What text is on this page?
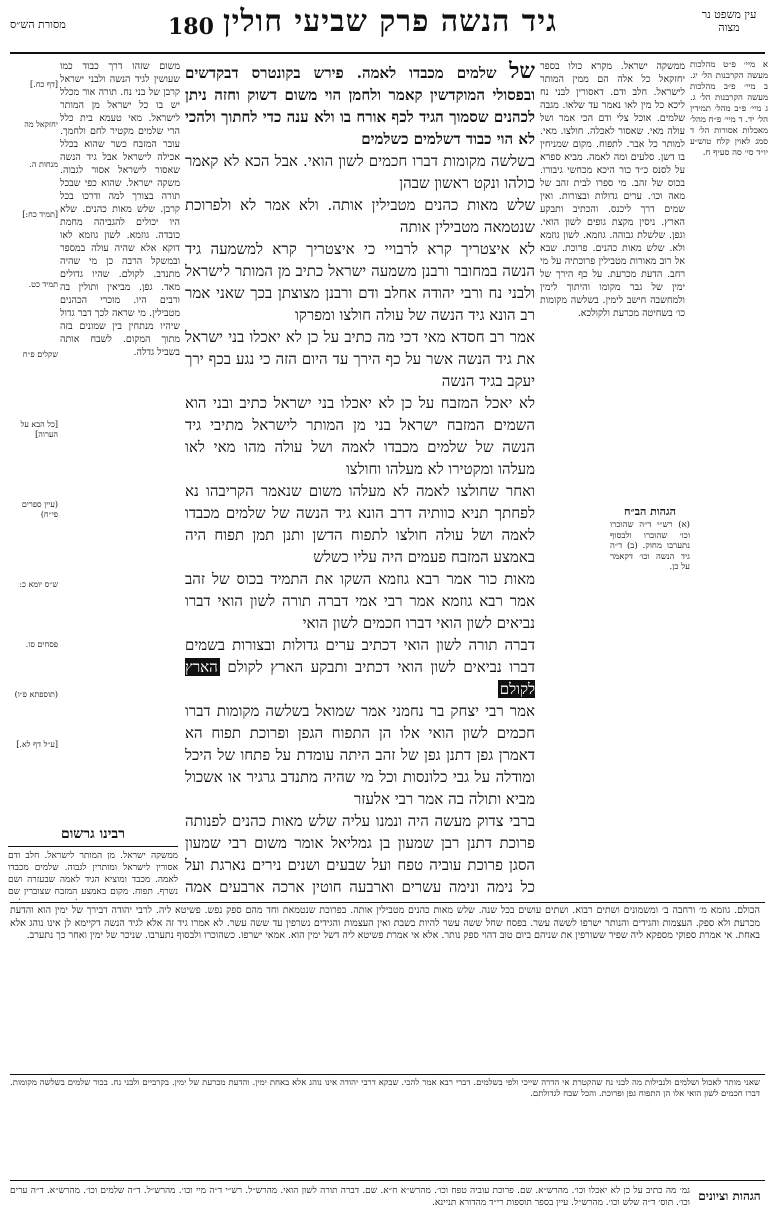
עין משפט נר מצוה
180 גיד הנשה פרק שביעי חולין
מסורת הש״ס
א מיי׳ פ״ט מהלכות מעשה הקרבנות הל׳ יג. ב מיי׳ פ״ב מהלכות מעשה הקרבנות הל׳ ג. ג מיי׳ פ״ב מהל׳ תמידין הל׳ יד. ד מיי׳ פ״ח מהל׳ מאכלות אסורות הל׳ ד סמג לאוין קלח טוש״ע יו״ד סי׳ סה סעיף ח.
הגהות הב״ח
(א) רש״י ד״ה שהוכרו וכו׳ שהוכרו ולבסוף נתערבו מחוק. (ב) ד״ה גיד הנשה וכו׳ דקאמר על כן.
ממשקה ישראל. מקרא כולו בספר יחזקאל כל אלה הם ממין המותר לישראל. חלב ודם. דאסורין לבני נח ליכא כל מין לאו נאמר עד שלאו. מגבה שלמים. אוכל צלי ודם הכי אמר ושל עולה מאי. שאסור לאכלה. חולצו. מאי. למותר כל אבר. לתפוח. מקום שמניחין בו דשן. סלעים ומה לאמה. מביא ספרא על לסנס כ״ד כור היכא מכחשי גיבורו. בכוס של זהב. מי ספרו לבית זהב של מאה וכו׳. ערים גדולות ובצורות. ואין שמים דרך ליכנס. והכתיב ותבקע הארץ. ניסין מקצת גופים לשון הואי. וגפן. שלשלת גבוהה. גוזמא. לשון גוזמא ולא. שלש מאות כהנים. פרוכת. שבא אל רוב מאורות מטבילין פרוכתיה על מי רחב. הדעת מכרעת. על כף הירך של ימין של גבר מקומו והיתוך לימין ולמחשבה חישב לימין. בשלשה מקומות כו׳ בשחיטה מכרעת ולקולכא.
של שלמים מכבדו לאמה. פירש בקונטרס דבקדשים ובפסולי המוקדשין קאמר ולחמן הוי משום דשוק וחזה ניתן לכהנים שסמוך הגיד לכף אורח בו ולא ענה כדי לחתוך ולהכי לא הוי כבוד דשלמים כשלמים

בשלשה מקומות דברו חכמים לשון הואי. אבל הכא לא קאמר כולהו ונקט ראשון שבהן

שלש מאות כהנים מטבילין אותה. ולא אמר לא ולפרוכת שנטמאה מטבילין אותה

לא איצטריך קרא לרבויי כי איצטריך קרא למשמעה גיד הנשה במחובר ורבנן משמעה ישראל כתיב מן המותר לישראל ולבני נח ורבי יהודה אחלב ודם ורבנן מצוצתן בכך שאני אמר רב הונא גיד הנשה של עולה חולצו ומפרקו

אמר רב חסדא מאי דכי מה כתיב על כן לא יאכלו בני ישראל את גיד הנשה אשר על כף הירך עד היום הזה כי נגע בכף ירך יעקב בגיד הנשה

לא יאכל המזבח על כן לא יאכלו בני ישראל כתיב ובני הוא השמים המזבח ישראל בני מן המותר לישראל מתיבי גיד הנשה של שלמים מכבדו לאמה ושל עולה מהו מאי לאו מעלהו ומקטירו לא מעלהו וחולצו

ואחר שחולצו לאמה לא מעלהו משום שנאמר הקריבהו נא לפחתך תניא כוותיה דרב הונא גיד הנשה של שלמים מכבדו לאמה ושל עולה חולצו לתפוח הדשן ותנן תמן תפוח היה באמצע המזבח פעמים היה עליו כשלש

מאות כור אמר רבא גוזמא השקו את התמיד בכוס של זהב אמר רבא גוזמא אמר רבי אמי דברה תורה לשון הואי דברו נביאים לשון הואי דברו חכמים לשון הואי

דברה תורה לשון הואי דכתיב ערים גדולות ובצורות בשמים דברו נביאים לשון הואי דכתיב ותבקע הארץ לקולם הארץ לקולם

אמר רבי יצחק בר נחמני אמר שמואל בשלשה מקומות דברו חכמים לשון הואי אלו הן התפוח הגפן ופרוכת תפוח הא דאמרן גפן דתנן גפן של זהב היתה עומדת על פתחו של היכל ומודלה על גבי כלונסות וכל מי שהיה מתנדב גרגיר או אשכול מביא ותולה בה אמר רבי אלעזר

ברבי צדוק מעשה היה ונמנו עליה שלש מאות כהנים לפנותה פרוכת דתנן רבן שמעון בן גמליאל אומר משום רבי שמעון הסגן פרוכת עוביה טפח ועל שבעים ושנים נירים נארגת ועל כל נימה ונימה עשרים וארבעה חוטין ארכה ארבעים אמה

משום שזהו דרך כבוד כמו שעושין לגיד הנשה ולבני ישראל קרבן של בני נח. תורה אור מכלל יש בו כל ישראל מן המותר לישראל. מאי טעמא בית כלל הרי שלמים מקטיר לחם ולחמך. עובר המזבח כשר שהוא בכלל אכילה לישראל אבל גיד הנשה שאסור לישראל אסור לגבוה. משקה ישראל. שהוא כפי שבכל תורה בצורך למה ודרכו בכל קרבן. שלש מאות כהנים. שלא היו יכולים להגביהה מחמת כובדה. גוזמא. לשון גוזמא לאו דוקא אלא שהיה עולה במספר ובמשקל הרבה כן מי שהיה מתנדב. לקולם. שהיו גדולים מאד. גפן. מביאין ותולין בה ורבים היו. מוכרי הכהנים מטבילין. מי שראה לכך דבר גדול שיהיו מנתחין בין שמונים בזה מתוך המקום. לשבח אותה בשביל גדלה.
[דף כח.]
יחזקאל מה
מנחות ה.
[תמיד כח:]
תמיד כט.
שקלים פ״ח
[כל הבא על הערוה]
(עיין ספרים פי״ח)
ש״ס יומא כ:
פסחים סו.
(תוספתא פ״ו)
[ע״ל דף לא.]
רבינו גרשום
ממשקה ישראל. מן המותר לישראל. חלב ודם אסורין לישראל ומותרין לגבוה. שלמים מכבדו לאמה. מכבד ומוציא הגיד לאמה שבעזרה ושם נשרף. תפוח. מקום באמצע המזבח שצוברין שם
הכולם. גוזמא מ׳ ורחבה ב׳ ומשמונים ושתים רבוא. ושתים עושים בכל שנה. שלש מאות כהנים מטבילין אותה. בפרוכת שנטמאת וחד מהם ספק נפש. פשיטא ליה. לרבי יהודה דבירך של ימין הוא והדעת מכרעת ולא ספק. העצמות והגידים והנותר ישרפו לששה עשר. בפסח שחל ששה עשר להיות בשבת ואין העצמות והגידים נשרפין עד ששה עשר. לא אמרו גיד זה אלא לגיד הנשה דקיימא לן אינו נוהג אלא באחת. אי אמרת ספוקי מספקא ליה שפיר ששורפין את שניהם ביום טוב דהוי ספק נותר. אלא אי אמרת פשיטא ליה דשל ימין הוא. אמאי ישרפו. כשהוכרו ולבסוף נתערבו. שניכר של ימין ואחר כך נתערב.
שאני מותר לאכול ושלמים ולנבילות מה לבני נח שהקטרת אי הדרה שייכי ולפי בשלמים. דברי רבא אמר להכי. שבקא דרבי יהודה אינו נוהג אלא באחת ימין. והדעת מכרעת של ימין. בקרביים ולבני נח. בכור שלמים בשלשה מקומות. דברו חכמים לשון הואי אלו הן התפוח גפן ופרוכת. והכל שבח לגדולתם.
הגהות וציונים
גמ׳ מה כתיב על כן לא יאכלו וכו׳. מהרש״א. שם. פרוכת עוביה טפח וכו׳. מהרש״א ח״א. שם. דברה תורה לשון הואי. מהרש״ל. רש״י ד״ה מיי וכו׳. מהרש״ל. ד״ה שלמים וכו׳. מהרש״א. ד״ה ערים וכו׳. תוס׳ ד״ה שלש וכו׳. מהרש״ל. עיין בספר תוספות רי״ד מהדורא תניינא.
